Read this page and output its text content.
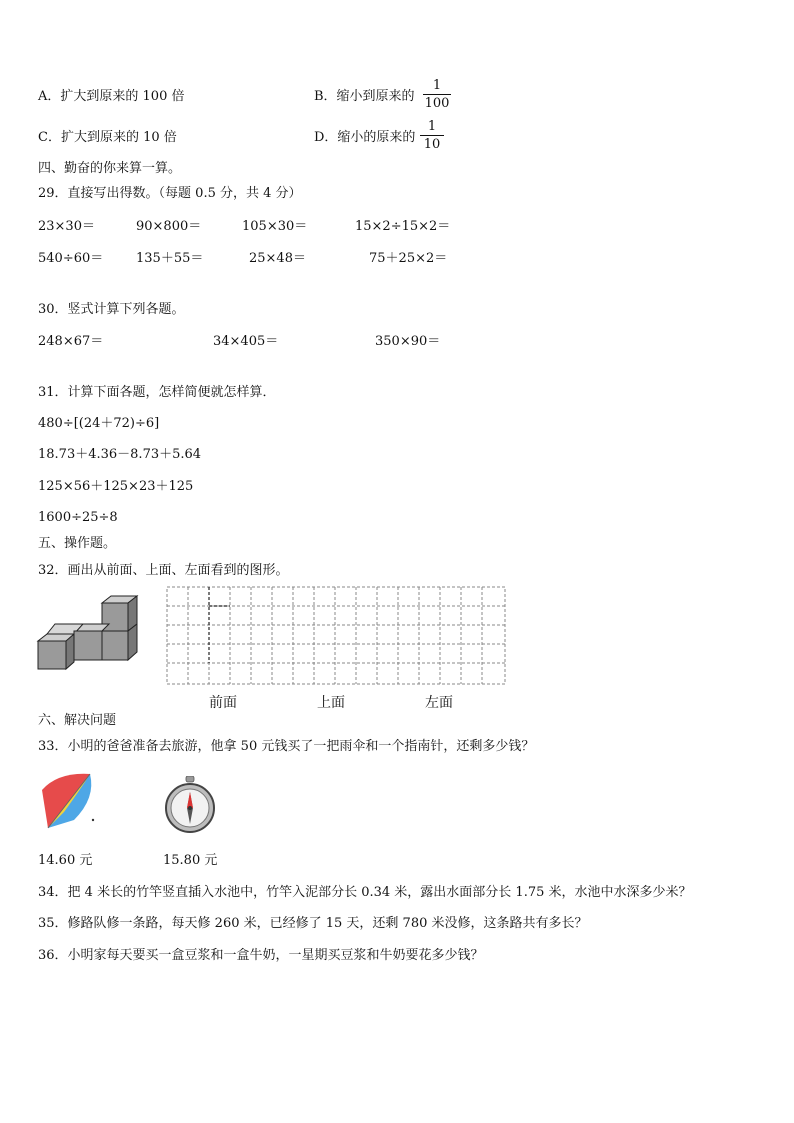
A．扩大到原来的 100 倍	B．缩小到原来的
1
100
C．扩大到原来的 10 倍	D．缩小的原来的
1
10
四、勤奋的你来算一算。
29．直接写出得数。（每题 0.5 分，共 4 分）
23×30＝	90×800＝	105×30＝	15×2÷15×2＝
540÷60＝	135＋55＝	25×48＝	75＋25×2＝
30．竖式计算下列各题。
248×67＝	34×405＝	350×90＝
31．计算下面各题，怎样简便就怎样算．
480÷[(24＋72)÷6]
18.73＋4.36－8.73＋5.64
125×56＋125×23＋125
1600÷25÷8
五、操作题。
32．画出从前面、上面、左面看到的图形。
前面	上面	左面
六、解决问题
33．小明的爸爸准备去旅游，他拿 50 元钱买了一把雨伞和一个指南针，还剩多少钱？
14.60 元	15.80 元
34．把 4 米长的竹竿竖直插入水池中，竹竿入泥部分长 0.34 米，露出水面部分长 1.75 米，水池中水深多少米？
35．修路队修一条路，每天修 260 米，已经修了 15 天，还剩 780 米没修，这条路共有多长？
36．小明家每天要买一盒豆浆和一盒牛奶，一星期买豆浆和牛奶要花多少钱？
